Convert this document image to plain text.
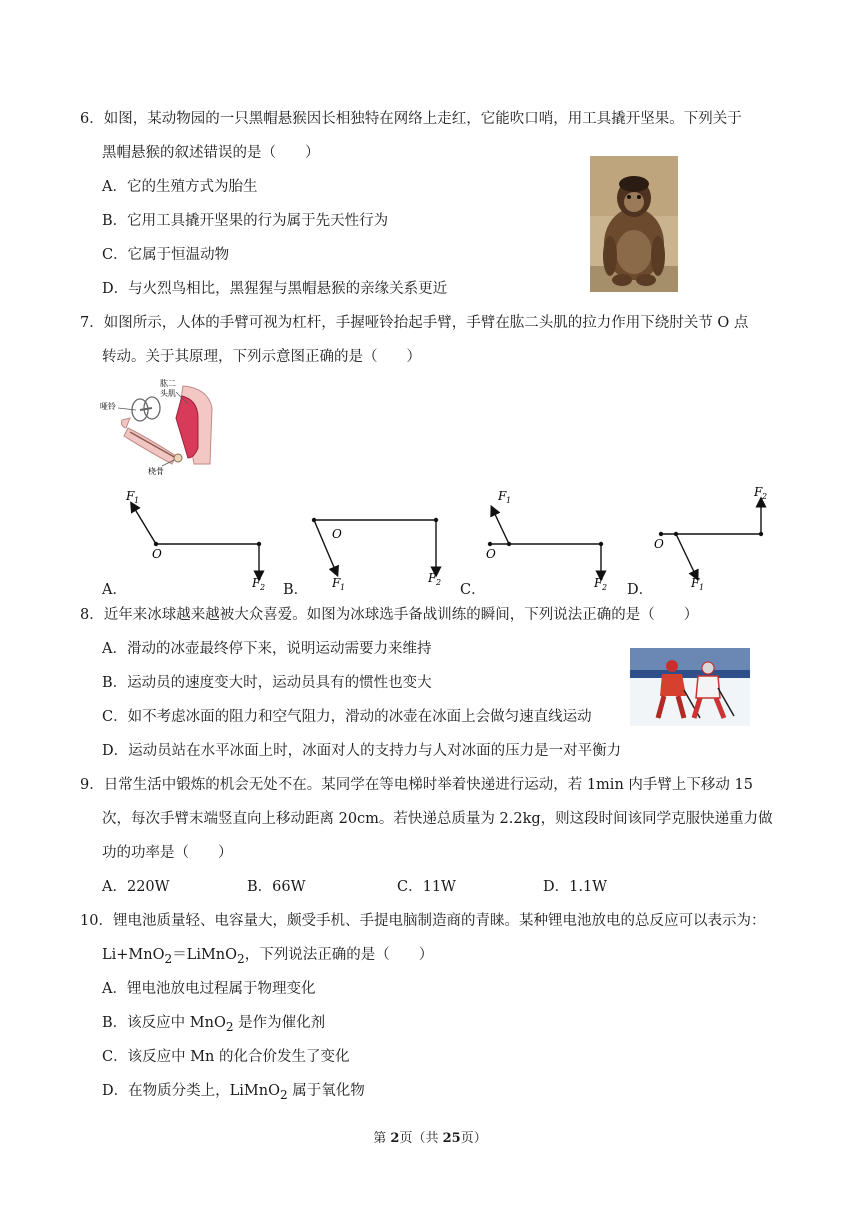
6．如图，某动物园的一只黑帽悬猴因长相独特在网络上走红，它能吹口哨，用工具撬开坚果。下列关于
黑帽悬猴的叙述错误的是（　　）
A．它的生殖方式为胎生
B．它用工具撬开坚果的行为属于先天性行为
C．它属于恒温动物
D．与火烈鸟相比，黑猩猩与黑帽悬猴的亲缘关系更近
7．如图所示，人体的手臂可视为杠杆，手握哑铃抬起手臂，手臂在肱二头肌的拉力作用下绕肘关节 O 点
转动。关于其原理，下列示意图正确的是（　　）
哑铃
肱二
头肌
桡骨
F 1
O
F 2
O
F 1
F 2
F 1
O
F 2
O
F 1
F 2
A．	B．	C．	D．
8．近年来冰球越来越被大众喜爱。如图为冰球选手备战训练的瞬间，下列说法正确的是（　　）
A．滑动的冰壶最终停下来，说明运动需要力来维持
B．运动员的速度变大时，运动员具有的惯性也变大
C．如不考虑冰面的阻力和空气阻力，滑动的冰壶在冰面上会做匀速直线运动
D．运动员站在水平冰面上时，冰面对人的支持力与人对冰面的压力是一对平衡力
9．日常生活中锻炼的机会无处不在。某同学在等电梯时举着快递进行运动，若 1min 内手臂上下移动 15
次，每次手臂末端竖直向上移动距离 20cm。若快递总质量为 2.2kg，则这段时间该同学克服快递重力做
功的功率是（　　）
A．220W	B．66W	C．11W	D．1.1W
10．锂电池质量轻、电容量大，颇受手机、手提电脑制造商的青睐。某种锂电池放电的总反应可以表示为：
Li+MnO$_2$＝LiMnO$_2$，下列说法正确的是（　　）
A．锂电池放电过程属于物理变化
B．该反应中 MnO$_2$ 是作为催化剂
C．该反应中 Mn 的化合价发生了变化
D．在物质分类上，LiMnO$_2$ 属于氧化物
第 2页（共 25页）
